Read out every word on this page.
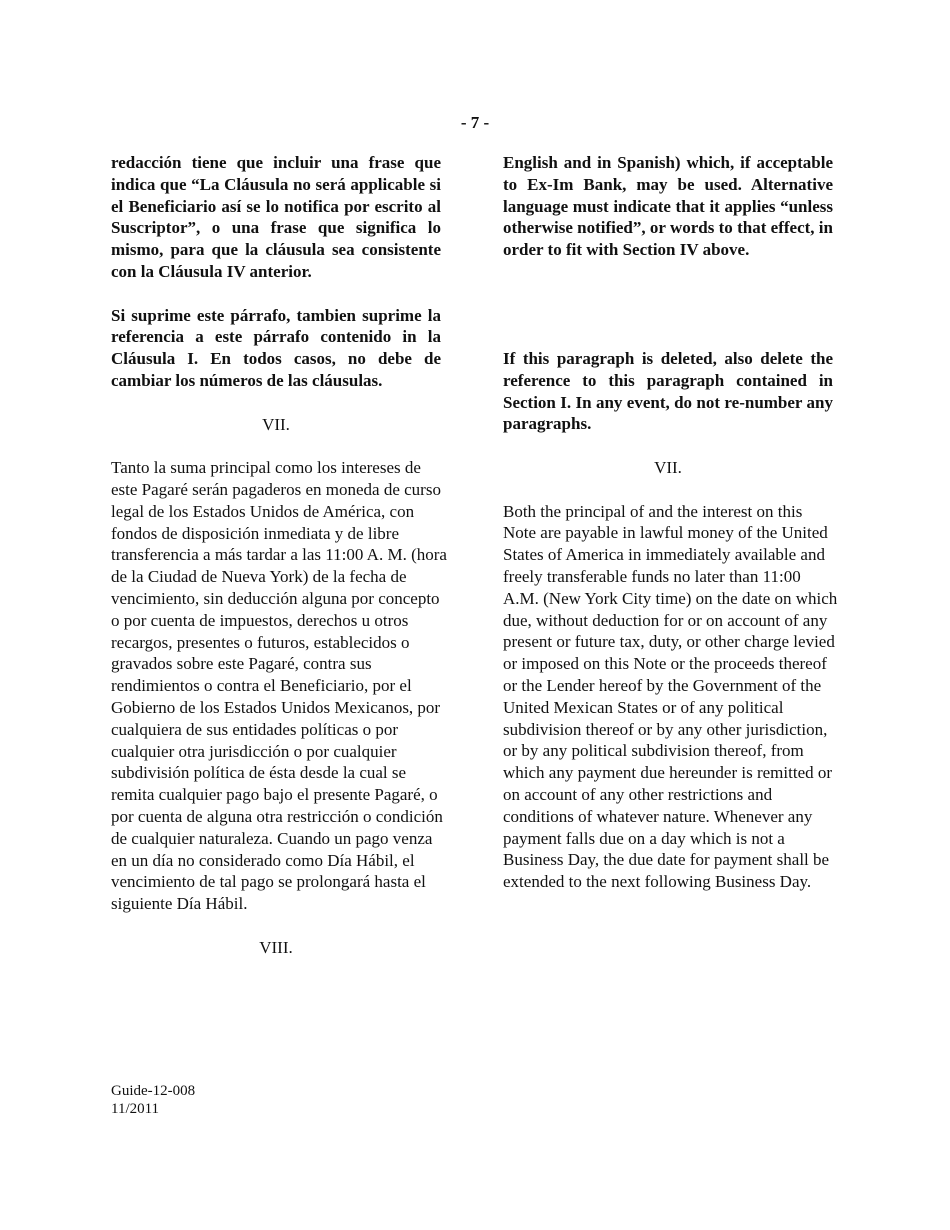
- 7 -

redacción tiene que incluir una frase que indica que “La Cláusula no será applicable si el Beneficiario así se lo notifica por escrito al Suscriptor”, o una frase que significa lo mismo, para que la cláusula sea consistente con la Cláusula IV anterior.

Si suprime este párrafo, tambien suprime la referencia a este párrafo contenido in la Cláusula I. En todos casos, no debe de cambiar los números de las cláusulas.

VII.

Tanto la suma principal como los intereses de este Pagaré serán pagaderos en moneda de curso legal de los Estados Unidos de América, con fondos de disposición inmediata y de libre transferencia a más tardar a las 11:00 A. M. (hora de la Ciudad de Nueva York) de la fecha de vencimiento, sin deducción alguna por concepto o por cuenta de impuestos, derechos u otros recargos, presentes o futuros, establecidos o gravados sobre este Pagaré, contra sus rendimientos o contra el Beneficiario, por el Gobierno de los Estados Unidos Mexicanos, por cualquiera de sus entidades políticas o por cualquier otra jurisdicción o por cualquier subdivisión política de ésta desde la cual se remita cualquier pago bajo el presente Pagaré, o por cuenta de alguna otra restricción o condición de cualquier naturaleza. Cuando un pago venza en un día no considerado como Día Hábil, el vencimiento de tal pago se prolongará hasta el siguiente Día Hábil.

VIII.

English and in Spanish) which, if acceptable to Ex-Im Bank, may be used. Alternative language must indicate that it applies “unless otherwise notified”, or words to that effect, in order to fit with Section IV above.

If this paragraph is deleted, also delete the reference to this paragraph contained in Section I. In any event, do not re-number any paragraphs.

VII.

Both the principal of and the interest on this Note are payable in lawful money of the United States of America in immediately available and freely transferable funds no later than 11:00 A.M. (New York City time) on the date on which due, without deduction for or on account of any present or future tax, duty, or other charge levied or imposed on this Note or the proceeds thereof or the Lender hereof by the Government of the United Mexican States or of any political subdivision thereof or by any other jurisdiction, or by any political subdivision thereof, from which any payment due hereunder is remitted or on account of any other restrictions and conditions of whatever nature. Whenever any payment falls due on a day which is not a Business Day, the due date for payment shall be extended to the next following Business Day.

Guide-12-008
11/2011
